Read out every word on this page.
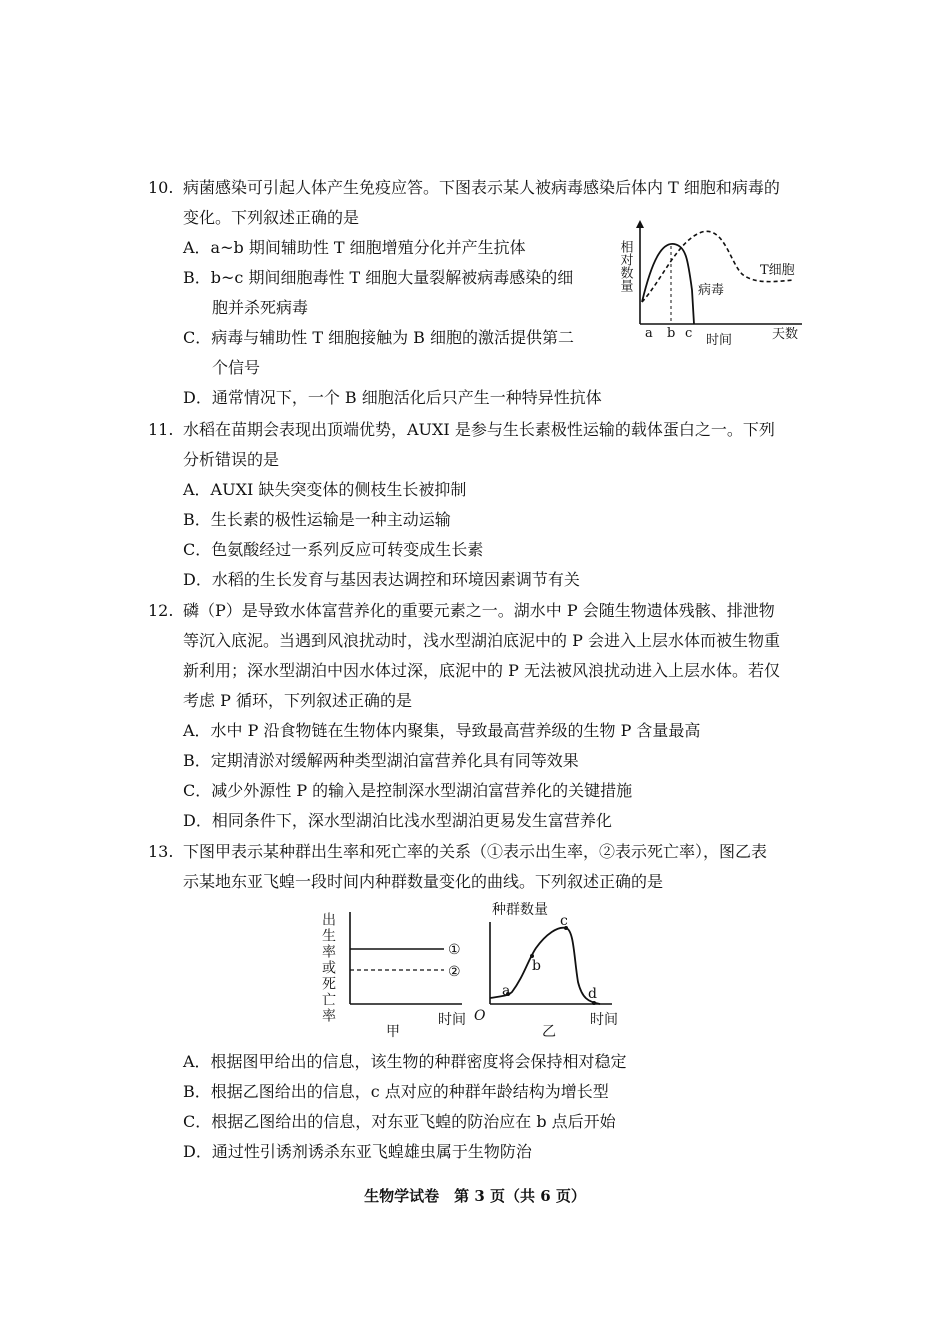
10. 病菌感染可引起人体产生免疫应答。下图表示某人被病毒感染后体内 T 细胞和病毒的
变化。下列叙述正确的是
A．a~b 期间辅助性 T 细胞增殖分化并产生抗体
B．b~c 期间细胞毒性 T 细胞大量裂解被病毒感染的细
胞并杀死病毒
C．病毒与辅助性 T 细胞接触为 B 细胞的激活提供第二
个信号
D．通常情况下，一个 B 细胞活化后只产生一种特异性抗体
相对数量
a b c 时间	天数
T细胞
病毒
11. 水稻在苗期会表现出顶端优势，AUXI 是参与生长素极性运输的载体蛋白之一。下列
分析错误的是
A．AUXI 缺失突变体的侧枝生长被抑制
B．生长素的极性运输是一种主动运输
C．色氨酸经过一系列反应可转变成生长素
D．水稻的生长发育与基因表达调控和环境因素调节有关
12. 磷（P）是导致水体富营养化的重要元素之一。湖水中 P 会随生物遗体残骸、排泄物
等沉入底泥。当遇到风浪扰动时，浅水型湖泊底泥中的 P 会进入上层水体而被生物重
新利用；深水型湖泊中因水体过深，底泥中的 P 无法被风浪扰动进入上层水体。若仅
考虑 P 循环，下列叙述正确的是
A．水中 P 沿食物链在生物体内聚集，导致最高营养级的生物 P 含量最高
B．定期清淤对缓解两种类型湖泊富营养化具有同等效果
C．减少外源性 P 的输入是控制深水型湖泊富营养化的关键措施
D．相同条件下，深水型湖泊比浅水型湖泊更易发生富营养化
13. 下图甲表示某种群出生率和死亡率的关系（①表示出生率，②表示死亡率），图乙表
示某地东亚飞蝗一段时间内种群数量变化的曲线。下列叙述正确的是
出生率或死亡率	①
②
甲
时间
种群数量
a
b
c
d
O
乙
时间
A．根据图甲给出的信息，该生物的种群密度将会保持相对稳定
B．根据乙图给出的信息，c 点对应的种群年龄结构为增长型
C．根据乙图给出的信息，对东亚飞蝗的防治应在 b 点后开始
D．通过性引诱剂诱杀东亚飞蝗雄虫属于生物防治
生物学试卷　第 3 页（共 6 页）
